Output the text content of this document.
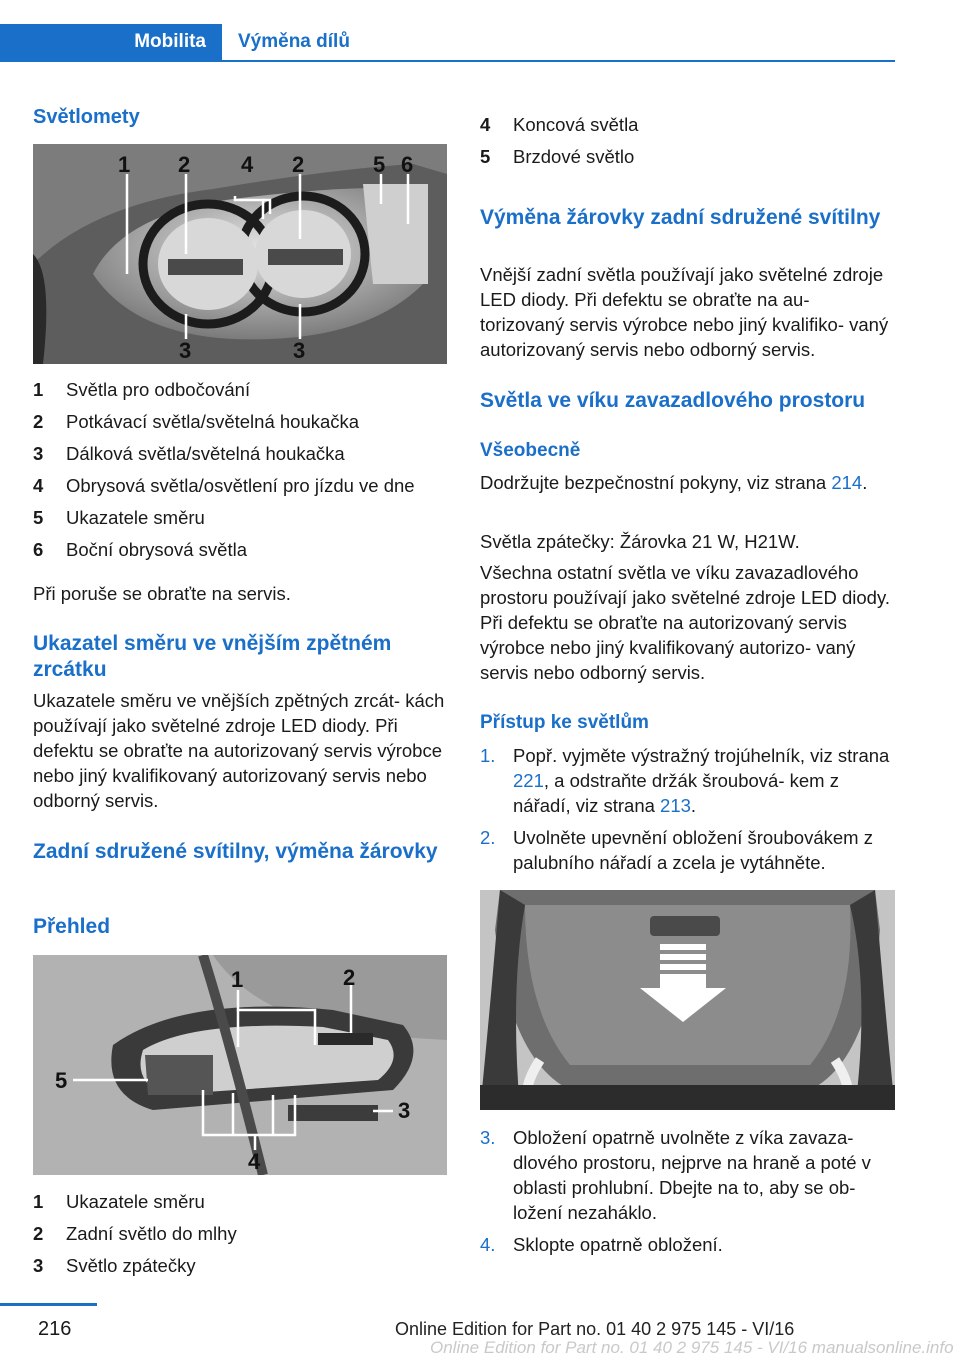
Mobilita	Výměna dílů
Světlomety
1 2 4 2	5 6
3	3
1	Světla pro odbočování
2	Potkávací světla/světelná houkačka
3	Dálková světla/světelná houkačka
4	Obrysová světla/osvětlení pro jízdu ve dne
5	Ukazatele směru
6	Boční obrysová světla

Při poruše se obraťte na servis.

Ukazatel směru ve vnějším zpětném zrcátku

Ukazatele směru ve vnějších zpětných zrcát‐ kách používají jako světelné zdroje LED diody. Při defektu se obraťte na autorizovaný servis výrobce nebo jiný kvalifikovaný autorizovaný servis nebo odborný servis.

Zadní sdružené svítilny, výměna žárovky
Přehled
1	2
5
3
4
1	Ukazatele směru
2	Zadní světlo do mlhy
3	Světlo zpátečky
4	Koncová světla
5	Brzdové světlo
Výměna žárovky zadní sdružené svítilny

Vnější zadní světla používají jako světelné zdroje LED diody. Při defektu se obraťte na au‐ torizovaný servis výrobce nebo jiný kvalifiko‐ vaný autorizovaný servis nebo odborný servis.

Světla ve víku zavazadlového prostoru
Všeobecně

Dodržujte bezpečnostní pokyny, viz strana 214.

Světla zpátečky: Žárovka 21 W, H21W.

Všechna ostatní světla ve víku zavazadlového prostoru používají jako světelné zdroje LED diody. Při defektu se obraťte na autorizovaný servis výrobce nebo jiný kvalifikovaný autorizo‐ vaný servis nebo odborný servis.

Přístup ke světlům
1. Popř. vyjměte výstražný trojúhelník, viz strana 221, a odstraňte držák šroubová‐ kem z nářadí, viz strana 213.
2. Uvolněte upevnění obložení šroubovákem z palubního nářadí a zcela je vytáhněte.
3. Obložení opatrně uvolněte z víka zavaza‐ dlového prostoru, nejprve na hraně a poté v oblasti prohlubní. Dbejte na to, aby se ob‐ ložení nezaháklo.
4. Sklopte opatrně obložení.
216	Online Edition for Part no. 01 40 2 975 145 - VI/16
Online Edition for Part no. 01 40 2 975 145 - VI/16 manualsonline.info
